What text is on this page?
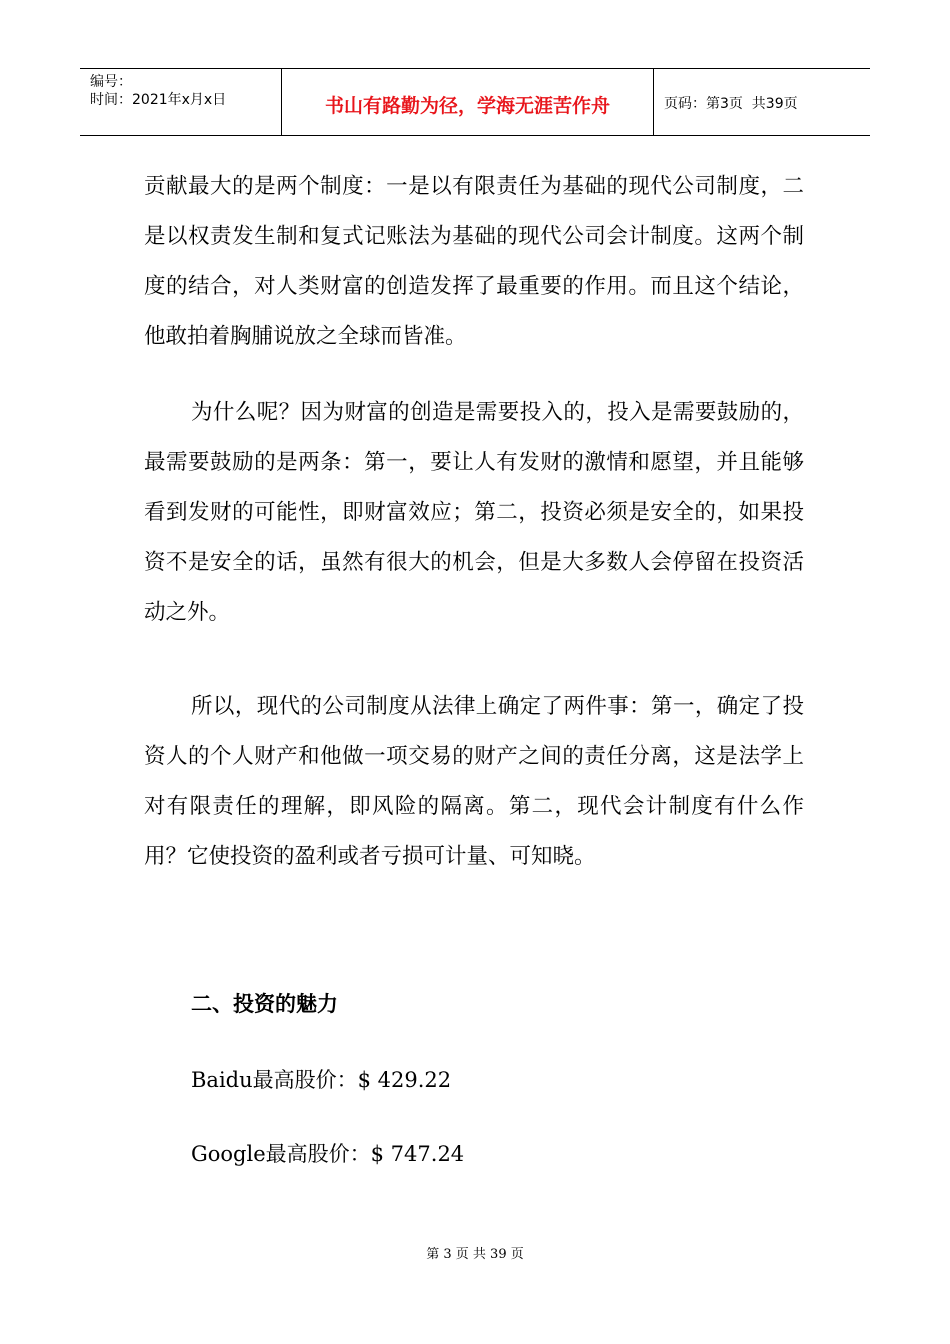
编号：
时间：2021年x月x日	书山有路勤为径，学海无涯苦作舟	页码：第3页  共39页

贡献最大的是两个制度：一是以有限责任为基础的现代公司制度，二是以权责发生制和复式记账法为基础的现代公司会计制度。这两个制度的结合，对人类财富的创造发挥了最重要的作用。而且这个结论，他敢拍着胸脯说放之全球而皆准。

为什么呢？因为财富的创造是需要投入的，投入是需要鼓励的，最需要鼓励的是两条：第一，要让人有发财的激情和愿望，并且能够看到发财的可能性，即财富效应；第二，投资必须是安全的，如果投资不是安全的话，虽然有很大的机会，但是大多数人会停留在投资活动之外。

所以，现代的公司制度从法律上确定了两件事：第一，确定了投资人的个人财产和他做一项交易的财产之间的责任分离，这是法学上对有限责任的理解，即风险的隔离。第二，现代会计制度有什么作用？它使投资的盈利或者亏损可计量、可知晓。

二、投资的魅力
Baidu最高股价：$ 429.22
Google最高股价：$ 747.24
第 3 页 共 39 页
